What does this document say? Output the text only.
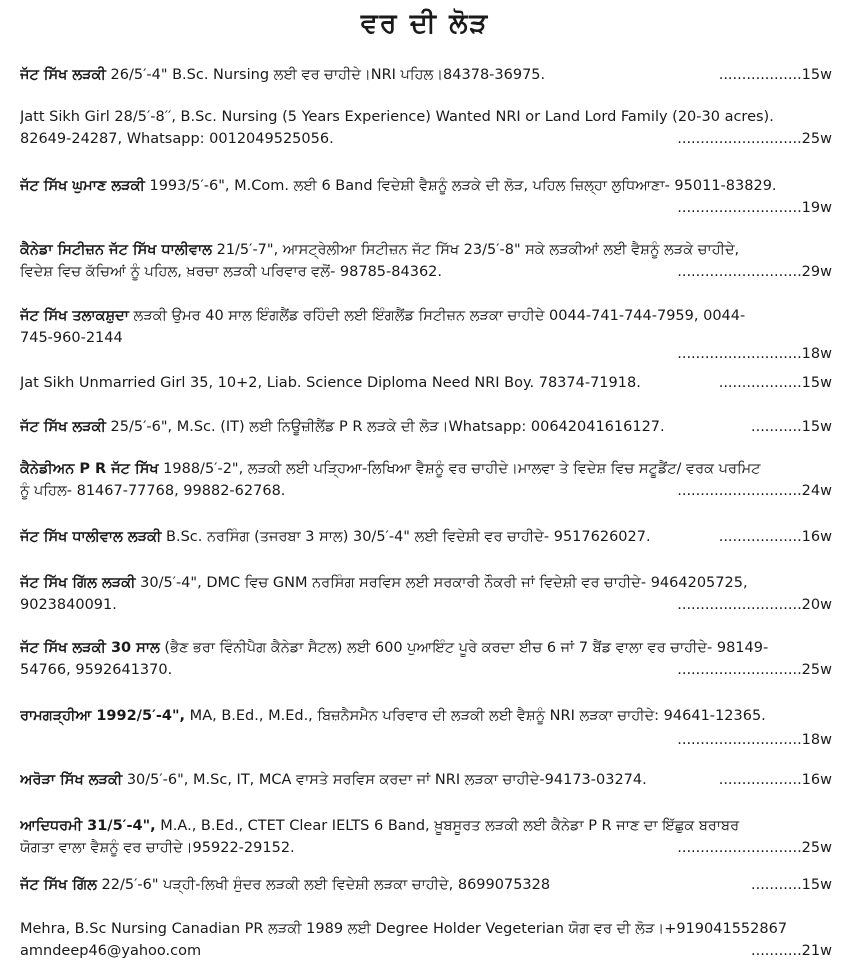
ਵਰ ਦੀ ਲੋੜ
ਜੱਟ ਸਿੱਖ ਲੜਕੀ 26/5′-4" B.Sc. Nursing ਲਈ ਵਰ ਚਾਹੀਦੇ।NRI ਪਹਿਲ।84378-36975.	..................15w
Jatt Sikh Girl 28/5′-8′′, B.Sc. Nursing (5 Years Experience) Wanted NRI or Land Lord Family (20-30 acres).
82649-24287, Whatsapp: 0012049525056.	...........................25w
ਜੱਟ ਸਿੱਖ ਘੁਮਾਣ ਲੜਕੀ 1993/5′-6", M.Com. ਲਈ 6 Band ਵਿਦੇਸ਼ੀ ਵੈਸ਼ਨੂੰ ਲੜਕੇ ਦੀ ਲੋੜ, ਪਹਿਲ ਜ਼ਿਲ੍ਹਾ ਲੁਧਿਆਣਾ- 95011-83829.
...........................19w
ਕੈਨੇਡਾ ਸਿਟੀਜ਼ਨ ਜੱਟ ਸਿੱਖ ਧਾਲੀਵਾਲ 21/5′-7", ਆਸਟ੍ਰੇਲੀਆ ਸਿਟੀਜ਼ਨ ਜੱਟ ਸਿੱਖ 23/5′-8" ਸਕੇ ਲੜਕੀਆਂ ਲਈ ਵੈਸ਼ਨੂੰ ਲੜਕੇ ਚਾਹੀਦੇ,
ਵਿਦੇਸ਼ ਵਿਚ ਕੱਚਿਆਂ ਨੂੰ ਪਹਿਲ, ਖ਼ਰਚਾ ਲੜਕੀ ਪਰਿਵਾਰ ਵਲੋਂ- 98785-84362.	...........................29w
ਜੱਟ ਸਿੱਖ ਤਲਾਕਸ਼ੁਦਾ ਲੜਕੀ ਉਮਰ 40 ਸਾਲ ਇੰਗਲੈਂਡ ਰਹਿੰਦੀ ਲਈ ਇੰਗਲੈਂਡ ਸਿਟੀਜ਼ਨ ਲੜਕਾ ਚਾਹੀਦੇ 0044-741-744-7959, 0044-
745-960-2144
...........................18w
Jat Sikh Unmarried Girl 35, 10+2, Liab. Science Diploma Need NRI Boy. 78374-71918.	..................15w
ਜੱਟ ਸਿੱਖ ਲੜਕੀ 25/5′-6", M.Sc. (IT) ਲਈ ਨਿਊਜ਼ੀਲੈਂਡ P R ਲੜਕੇ ਦੀ ਲੋੜ।Whatsapp: 00642041616127.	...........15w
ਕੈਨੇਡੀਅਨ P R ਜੱਟ ਸਿੱਖ 1988/5′-2", ਲੜਕੀ ਲਈ ਪੜ੍ਹਿਆ-ਲਿਖਿਆ ਵੈਸ਼ਨੂੰ ਵਰ ਚਾਹੀਦੇ।ਮਾਲਵਾ ਤੇ ਵਿਦੇਸ਼ ਵਿਚ ਸਟੂਡੈਂਟ/ ਵਰਕ ਪਰਮਿਟ
ਨੂੰ ਪਹਿਲ- 81467-77768, 99882-62768.	...........................24w
ਜੱਟ ਸਿੱਖ ਧਾਲੀਵਾਲ ਲੜਕੀ B.Sc. ਨਰਸਿੰਗ (ਤਜਰਬਾ 3 ਸਾਲ) 30/5′-4" ਲਈ ਵਿਦੇਸ਼ੀ ਵਰ ਚਾਹੀਦੇ- 9517626027.	..................16w
ਜੱਟ ਸਿੱਖ ਗਿੱਲ ਲੜਕੀ 30/5′-4", DMC ਵਿਚ GNM ਨਰਸਿੰਗ ਸਰਵਿਸ ਲਈ ਸਰਕਾਰੀ ਨੌਕਰੀ ਜਾਂ ਵਿਦੇਸ਼ੀ ਵਰ ਚਾਹੀਦੇ- 9464205725,
9023840091.	...........................20w
ਜੱਟ ਸਿੱਖ ਲੜਕੀ 30 ਸਾਲ (ਭੈਣ ਭਰਾ ਵਿੰਨੀਪੈਗ ਕੈਨੇਡਾ ਸੈਟਲ) ਲਈ 600 ਪੁਆਇੰਟ ਪੂਰੇ ਕਰਦਾ ਈਚ 6 ਜਾਂ 7 ਬੈਂਡ ਵਾਲਾ ਵਰ ਚਾਹੀਦੇ- 98149-
54766, 9592641370.	...........................25w
ਰਾਮਗੜ੍ਹੀਆ 1992/5′-4", MA, B.Ed., M.Ed., ਬਿਜ਼ਨੈਸਮੈਨ ਪਰਿਵਾਰ ਦੀ ਲੜਕੀ ਲਈ ਵੈਸ਼ਨੂੰ NRI ਲੜਕਾ ਚਾਹੀਦੇ: 94641-12365.
...........................18w
ਅਰੋੜਾ ਸਿੱਖ ਲੜਕੀ 30/5′-6", M.Sc, IT, MCA ਵਾਸਤੇ ਸਰਵਿਸ ਕਰਦਾ ਜਾਂ NRI ਲੜਕਾ ਚਾਹੀਦੇ-94173-03274.	..................16w
ਆਦਿਧਰਮੀ 31/5′-4", M.A., B.Ed., CTET Clear IELTS 6 Band, ਖ਼ੂਬਸੂਰਤ ਲੜਕੀ ਲਈ ਕੈਨੇਡਾ P R ਜਾਣ ਦਾ ਇੱਛੁਕ ਬਰਾਬਰ
ਯੋਗਤਾ ਵਾਲਾ ਵੈਸ਼ਨੂੰ ਵਰ ਚਾਹੀਦੇ।95922-29152.	...........................25w
ਜੱਟ ਸਿੱਖ ਗਿੱਲ 22/5′-6" ਪੜ੍ਹੀ-ਲਿਖੀ ਸੁੰਦਰ ਲੜਕੀ ਲਈ ਵਿਦੇਸ਼ੀ ਲੜਕਾ ਚਾਹੀਦੇ, 8699075328	...........15w
Mehra, B.Sc Nursing Canadian PR ਲੜਕੀ 1989 ਲਈ Degree Holder Vegeterian ਯੋਗ ਵਰ ਦੀ ਲੋੜ।+919041552867
amndeep46@yahoo.com	...........21w
